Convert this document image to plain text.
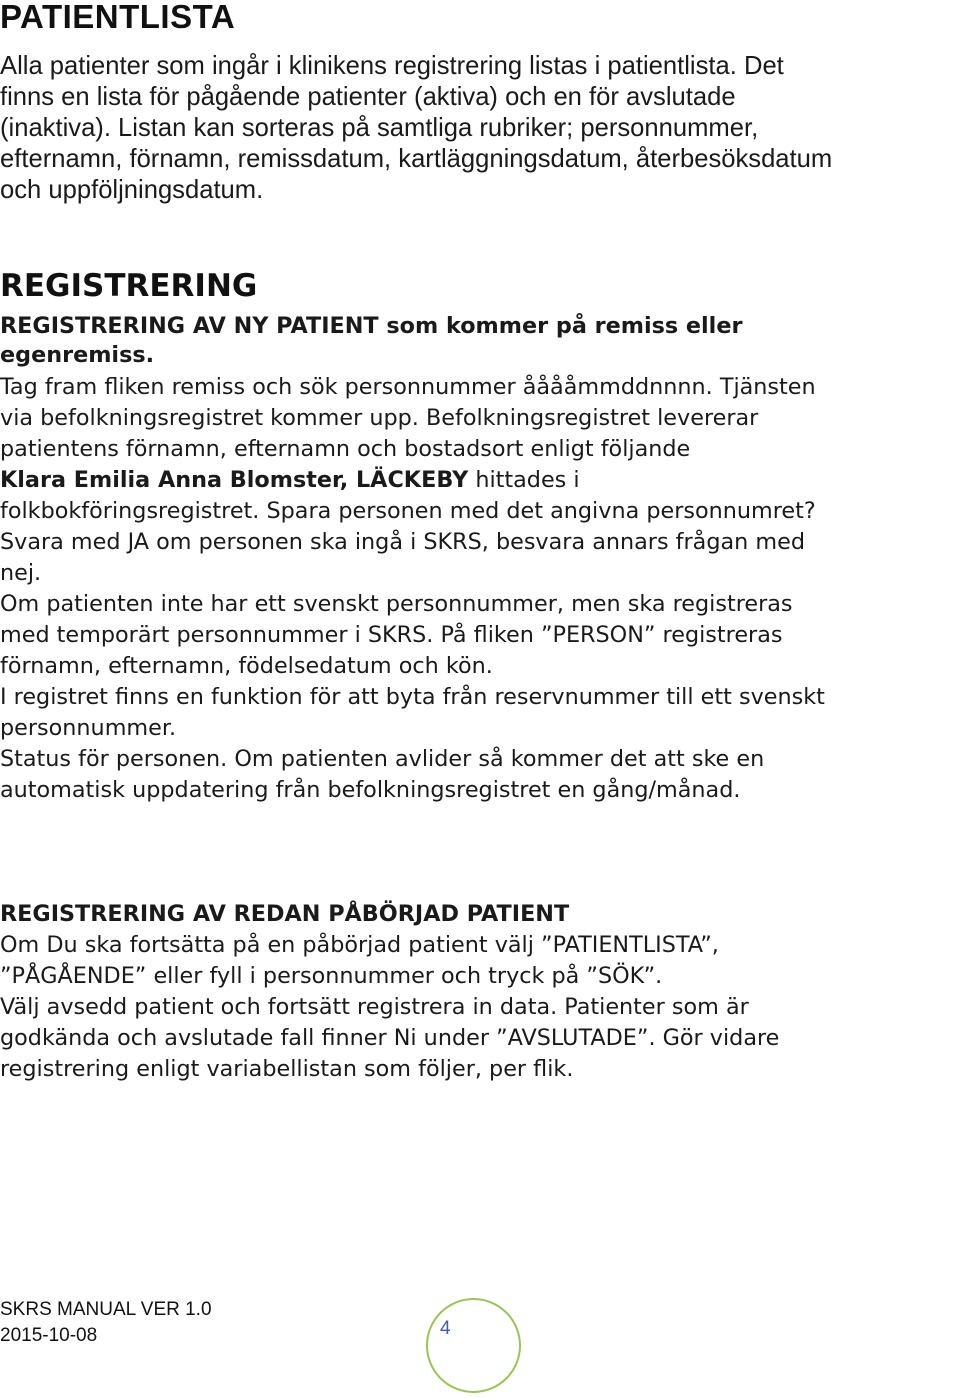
PATIENTLISTA
Alla patienter som ingår i klinikens registrering listas i patientlista. Det
finns en lista för pågående patienter (aktiva) och en för avslutade
(inaktiva). Listan kan sorteras på samtliga rubriker; personnummer,
efternamn, förnamn, remissdatum, kartläggningsdatum, återbesöksdatum
och uppföljningsdatum.
REGISTRERING
REGISTRERING AV NY PATIENT som kommer på remiss eller
egenremiss.
Tag fram fliken remiss och sök personnummer ååååmmddnnnn. Tjänsten
via befolkningsregistret kommer upp. Befolkningsregistret levererar
patientens förnamn, efternamn och bostadsort enligt följande
Klara Emilia Anna Blomster, LÄCKEBY hittades i
folkbokföringsregistret. Spara personen med det angivna personnumret?
Svara med JA om personen ska ingå i SKRS, besvara annars frågan med
nej.
Om patienten inte har ett svenskt personnummer, men ska registreras
med temporärt personnummer i SKRS. På fliken ”PERSON” registreras
förnamn, efternamn, födelsedatum och kön.
I registret finns en funktion för att byta från reservnummer till ett svenskt
personnummer.
Status för personen. Om patienten avlider så kommer det att ske en
automatisk uppdatering från befolkningsregistret en gång/månad.
REGISTRERING AV REDAN PÅBÖRJAD PATIENT
Om Du ska fortsätta på en påbörjad patient välj ”PATIENTLISTA”,
”PÅGÅENDE” eller fyll i personnummer och tryck på ”SÖK”.
Välj avsedd patient och fortsätt registrera in data. Patienter som är
godkända och avslutade fall finner Ni under ”AVSLUTADE”. Gör vidare
registrering enligt variabellistan som följer, per flik.
SKRS MANUAL VER 1.0
2015-10-08	4
